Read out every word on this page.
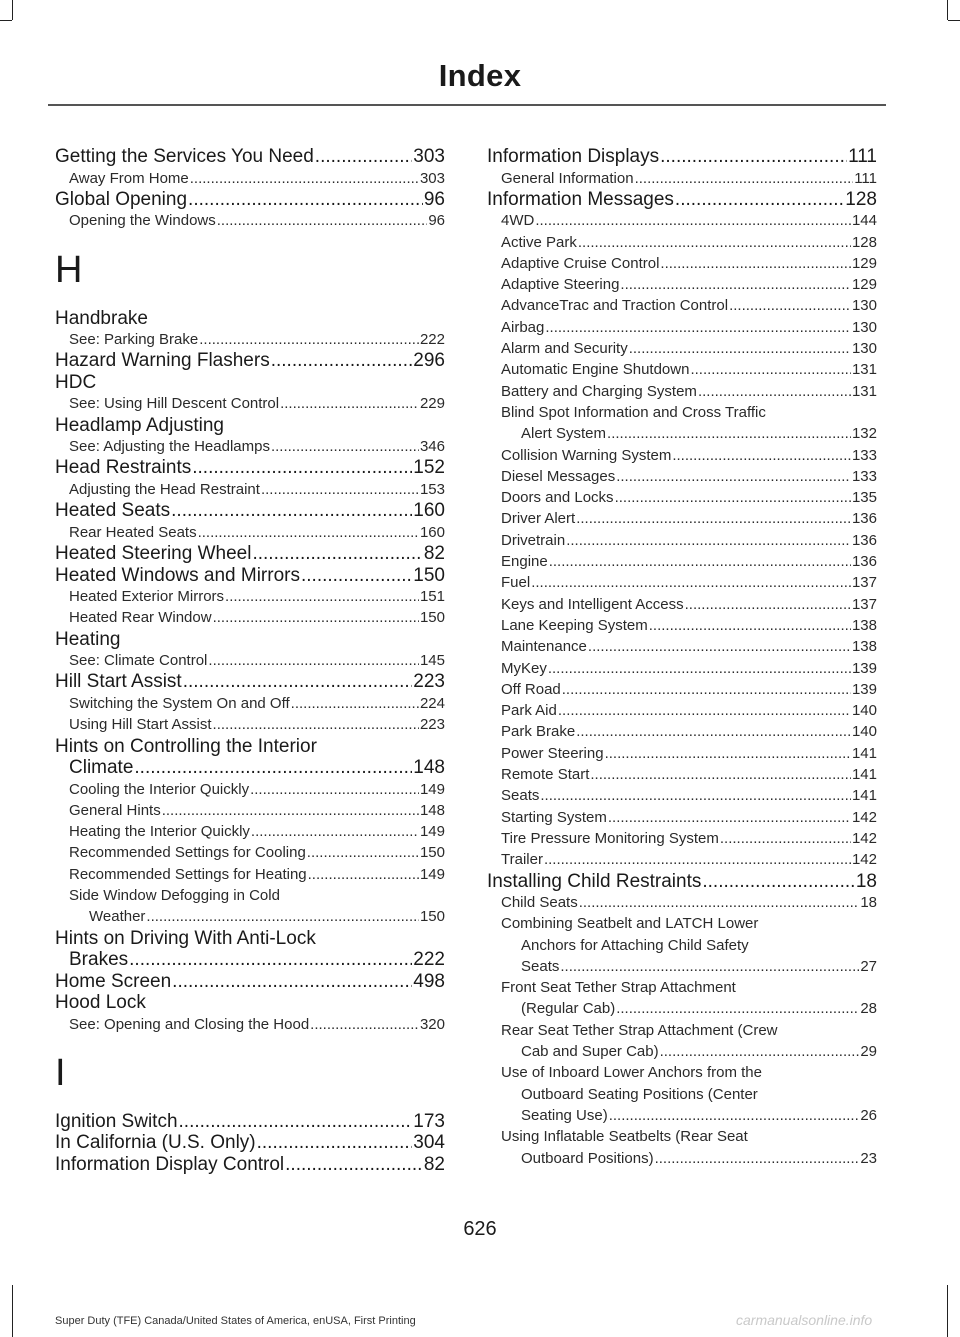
Index
Getting the Services You Need .....	303
Away From Home .....	303
Global Opening .....	96
Opening the Windows .....	96
H
Handbrake
See: Parking Brake .....	222
Hazard Warning Flashers .....	296
HDC
See: Using Hill Descent Control .....	229
Headlamp Adjusting
See: Adjusting the Headlamps .....	346
Head Restraints .....	152
Adjusting the Head Restraint .....	153
Heated Seats .....	160
Rear Heated Seats .....	160
Heated Steering Wheel .....	82
Heated Windows and Mirrors .....	150
Heated Exterior Mirrors .....	151
Heated Rear Window .....	150
Heating
See: Climate Control .....	145
Hill Start Assist .....	223
Switching the System On and Off .....	224
Using Hill Start Assist .....	223
Hints on Controlling the Interior
Climate .....	148
Cooling the Interior Quickly .....	149
General Hints .....	148
Heating the Interior Quickly .....	149
Recommended Settings for Cooling .....	150
Recommended Settings for Heating .....	149
Side Window Defogging in Cold
Weather .....	150
Hints on Driving With Anti-Lock
Brakes .....	222
Home Screen .....	498
Hood Lock
See: Opening and Closing the Hood .....	320
I
Ignition Switch .....	173
In California (U.S. Only) .....	304
Information Display Control .....	82
Information Displays .....	111
General Information .....	111
Information Messages .....	128
4WD .....	144
Active Park .....	128
Adaptive Cruise Control .....	129
Adaptive Steering .....	129
AdvanceTrac and Traction Control .....	130
Airbag .....	130
Alarm and Security .....	130
Automatic Engine Shutdown .....	131
Battery and Charging System .....	131
Blind Spot Information and Cross Traffic
Alert System .....	132
Collision Warning System .....	133
Diesel Messages .....	133
Doors and Locks .....	135
Driver Alert .....	136
Drivetrain .....	136
Engine .....	136
Fuel .....	137
Keys and Intelligent Access .....	137
Lane Keeping System .....	138
Maintenance .....	138
MyKey .....	139
Off Road .....	139
Park Aid .....	140
Park Brake .....	140
Power Steering .....	141
Remote Start .....	141
Seats .....	141
Starting System .....	142
Tire Pressure Monitoring System .....	142
Trailer .....	142
Installing Child Restraints .....	18
Child Seats .....	18
Combining Seatbelt and LATCH Lower
Anchors for Attaching Child Safety
Seats .....	27
Front Seat Tether Strap Attachment
(Regular Cab) .....	28
Rear Seat Tether Strap Attachment (Crew
Cab and Super Cab) .....	29
Use of Inboard Lower Anchors from the
Outboard Seating Positions (Center
Seating Use) .....	26
Using Inflatable Seatbelts (Rear Seat
Outboard Positions) .....	23
626
Super Duty (TFE) Canada/United States of America, enUSA, First Printing	carmanualsonline.info
